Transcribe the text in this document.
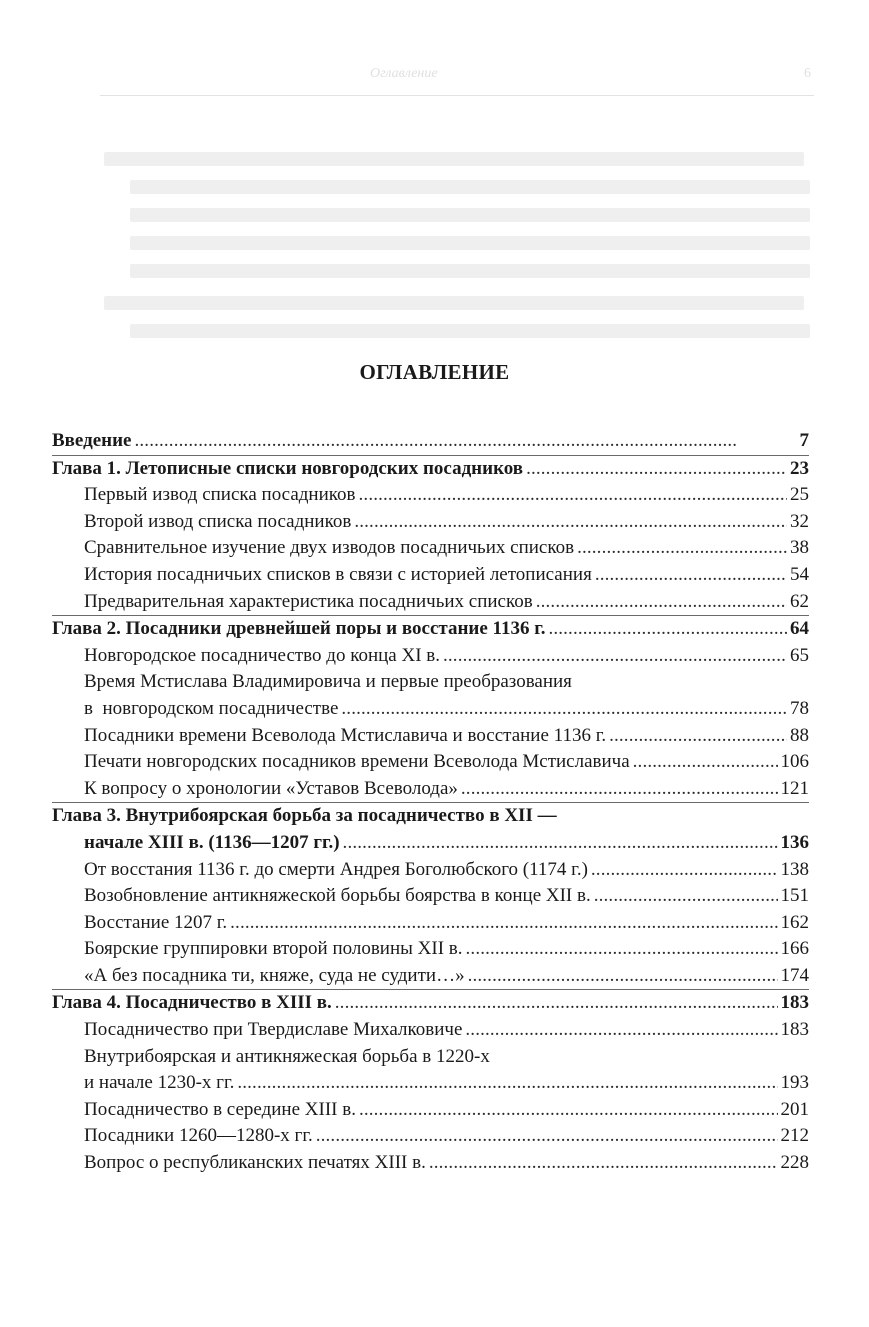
Оглавление	6
ОГЛАВЛЕНИЕ
Введение . . .	7
Глава 1. Летописные списки новгородских посадников . . .	23
Первый извод списка посадников . . .	25
Второй извод списка посадников . . .	32
Сравнительное изучение двух изводов посадничьих списков . . .	38
История посадничьих списков в связи с историей летописания . . .	54
Предварительная характеристика посадничьих списков . . .	62
Глава 2. Посадники древнейшей поры и восстание 1136 г. . . .	64
Новгородское посадничество до конца XI в. . . .	65
Время Мстислава Владимировича и первые преобразования
в  новгородском посадничестве . . .	78
Посадники времени Всеволода Мстиславича и восстание 1136 г. . . .	88
Печати новгородских посадников времени Всеволода Мстиславича . . .	106
К вопросу о хронологии «Уставов Всеволода» . . .	121
Глава 3. Внутрибоярская борьба за посадничество в XII —
начале XIII в. (1136—1207 гг.) . . .	136
От восстания 1136 г. до смерти Андрея Боголюбского (1174 г.) . . .	138
Возобновление антикняжеской борьбы боярства в конце XII в. . . .	151
Восстание 1207 г. . . .	162
Боярские группировки второй половины XII в. . . .	166
«А без посадника ти, княже, суда не судити…» . . .	174
Глава 4. Посадничество в XIII в. . . .	183
Посадничество при Твердиславе Михалковиче . . .	183
Внутрибоярская и антикняжеская борьба в 1220-х
и начале 1230-х гг. . . .	193
Посадничество в середине XIII в. . . .	201
Посадники 1260—1280-х гг. . . .	212
Вопрос о республиканских печатях XIII в. . . .	228
